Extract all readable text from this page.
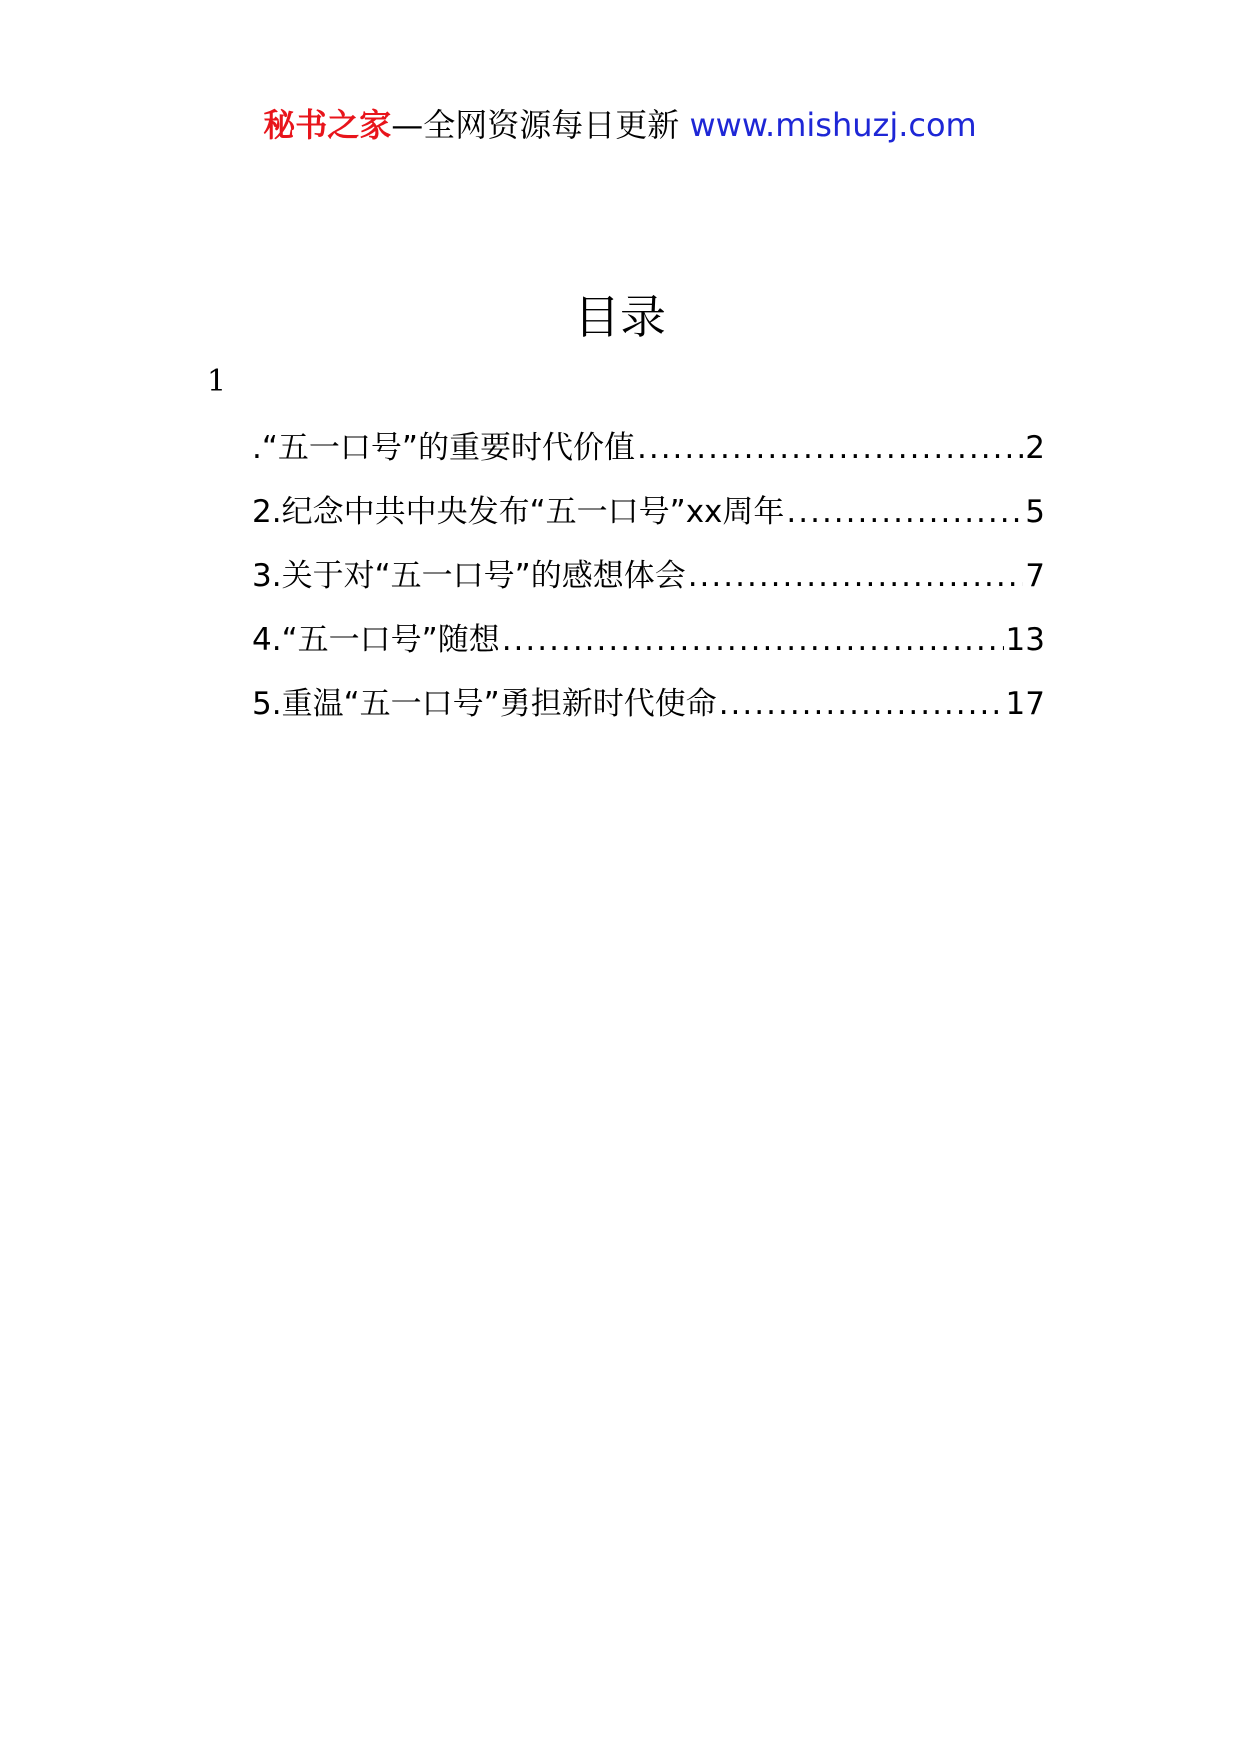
秘书之家—全网资源每日更新 www.mishuzj.com
目录
1
.“五一口号”的重要时代价值 .....	2
2.纪念中共中央发布“五一口号”xx周年 .....	5
3.关于对“五一口号”的感想体会 .....	7
4.“五一口号”随想 .....	13
5.重温“五一口号”勇担新时代使命 .....	17
